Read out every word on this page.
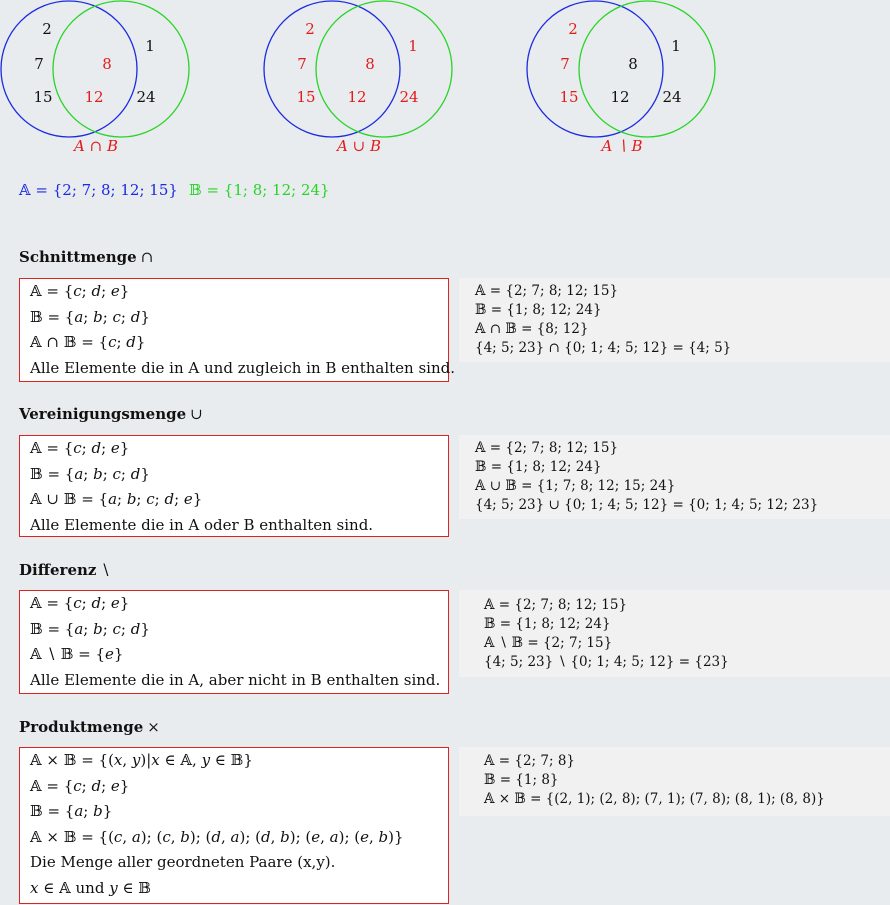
2
7
15
8
12
1
24
A ∩ B
2
7
15
8
12
1
24
A ∪ B
2
7
15
8
12
1
24
A ∖ B
𝔸 = {2; 7; 8; 12; 15} 𝔹 = {1; 8; 12; 24}
Schnittmenge ∩
𝔸 = {𝑐; 𝑑; 𝑒}
𝔹 = {𝑎; 𝑏; 𝑐; 𝑑}
𝔸 ∩ 𝔹 = {𝑐; 𝑑}
Alle Elemente die in A und zugleich in B enthalten sind.
𝔸 = {2; 7; 8; 12; 15}
𝔹 = {1; 8; 12; 24}
𝔸 ∩ 𝔹 = {8; 12}
{4; 5; 23} ∩ {0; 1; 4; 5; 12} = {4; 5}
Vereinigungsmenge ∪
𝔸 = {𝑐; 𝑑; 𝑒}
𝔹 = {𝑎; 𝑏; 𝑐; 𝑑}
𝔸 ∪ 𝔹 = {𝑎; 𝑏; 𝑐; 𝑑; 𝑒}
Alle Elemente die in A oder B enthalten sind.
𝔸 = {2; 7; 8; 12; 15}
𝔹 = {1; 8; 12; 24}
𝔸 ∪ 𝔹 = {1; 7; 8; 12; 15; 24}
{4; 5; 23} ∪ {0; 1; 4; 5; 12} = {0; 1; 4; 5; 12; 23}
Differenz ∖
𝔸 = {𝑐; 𝑑; 𝑒}
𝔹 = {𝑎; 𝑏; 𝑐; 𝑑}
𝔸 ∖ 𝔹 = {𝑒}
Alle Elemente die in A, aber nicht in B enthalten sind.
𝔸 = {2; 7; 8; 12; 15}
𝔹 = {1; 8; 12; 24}
𝔸 ∖ 𝔹 = {2; 7; 15}
{4; 5; 23} ∖ {0; 1; 4; 5; 12} = {23}
Produktmenge ×
𝔸 × 𝔹 = {(𝑥, 𝑦)|𝑥 ∈ 𝔸, 𝑦 ∈ 𝔹}
𝔸 = {𝑐; 𝑑; 𝑒}
𝔹 = {𝑎; 𝑏}
𝔸 × 𝔹 = {(𝑐, 𝑎); (𝑐, 𝑏); (𝑑, 𝑎); (𝑑, 𝑏); (𝑒, 𝑎); (𝑒, 𝑏)}
Die Menge aller geordneten Paare (x,y).
𝑥 ∈ 𝔸 und 𝑦 ∈ 𝔹
𝔸 = {2; 7; 8}
𝔹 = {1; 8}
𝔸 × 𝔹 = {(2, 1); (2, 8); (7, 1); (7, 8); (8, 1); (8, 8)}
